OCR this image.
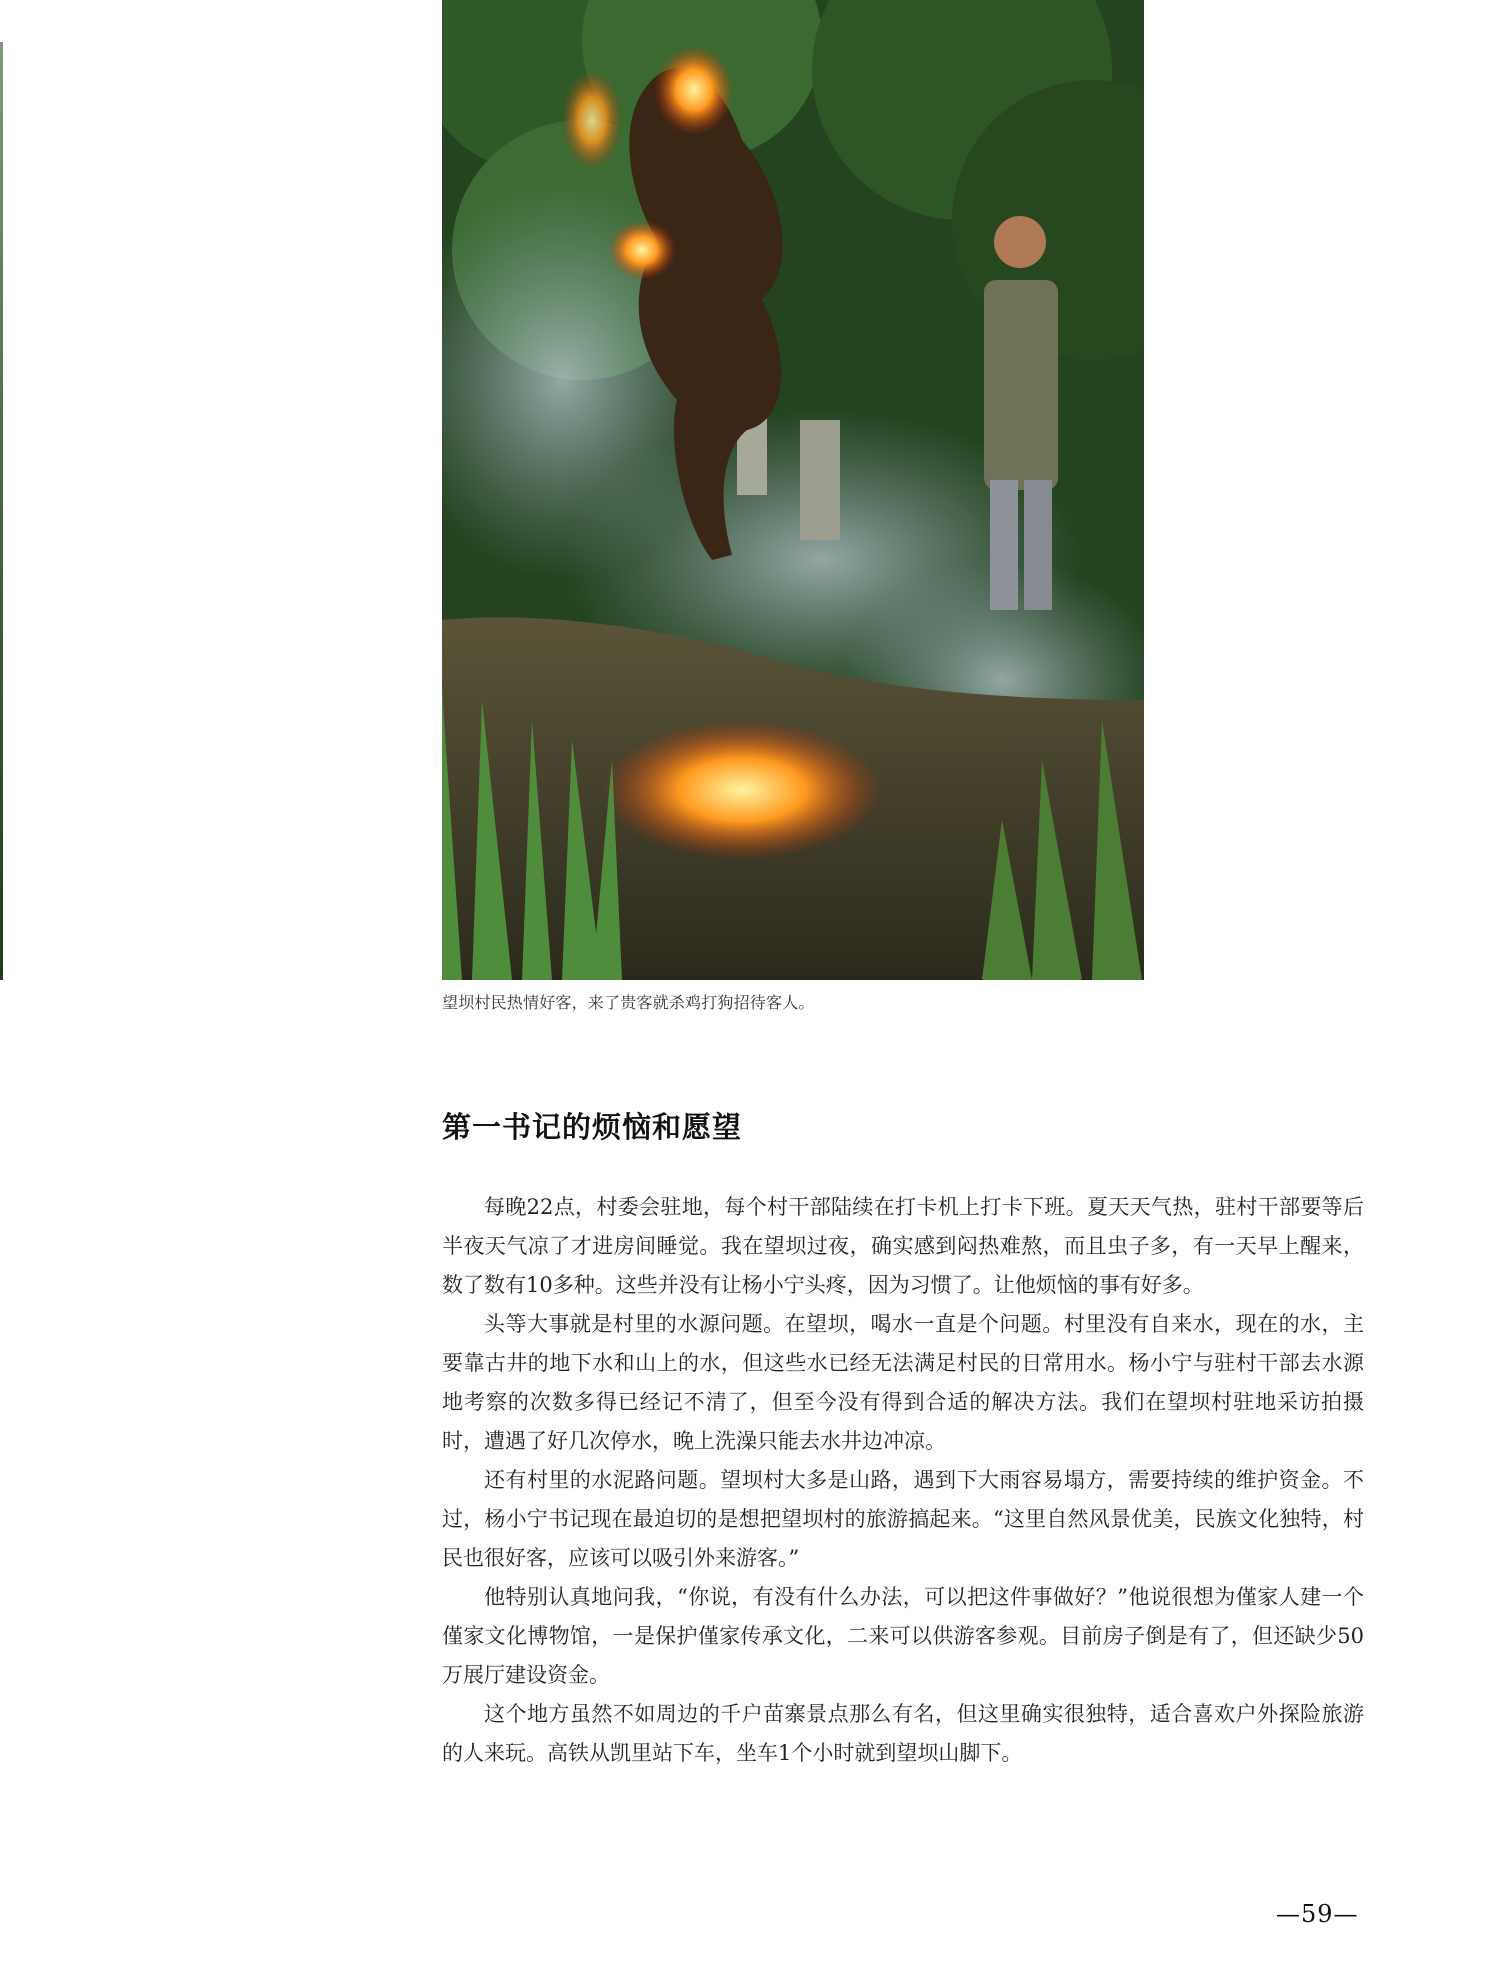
望坝村民热情好客，来了贵客就杀鸡打狗招待客人。
第一书记的烦恼和愿望

每晚22点，村委会驻地，每个村干部陆续在打卡机上打卡下班。夏天天气热，驻村干部要等后半夜天气凉了才进房间睡觉。我在望坝过夜，确实感到闷热难熬，而且虫子多，有一天早上醒来，数了数有10多种。这些并没有让杨小宁头疼，因为习惯了。让他烦恼的事有好多。

头等大事就是村里的水源问题。在望坝，喝水一直是个问题。村里没有自来水，现在的水，主要靠古井的地下水和山上的水，但这些水已经无法满足村民的日常用水。杨小宁与驻村干部去水源地考察的次数多得已经记不清了，但至今没有得到合适的解决方法。我们在望坝村驻地采访拍摄时，遭遇了好几次停水，晚上洗澡只能去水井边冲凉。

还有村里的水泥路问题。望坝村大多是山路，遇到下大雨容易塌方，需要持续的维护资金。不过，杨小宁书记现在最迫切的是想把望坝村的旅游搞起来。“这里自然风景优美，民族文化独特，村民也很好客，应该可以吸引外来游客。”

他特别认真地问我，“你说，有没有什么办法，可以把这件事做好？”他说很想为僅家人建一个僅家文化博物馆，一是保护僅家传承文化，二来可以供游客参观。目前房子倒是有了，但还缺少50万展厅建设资金。

这个地方虽然不如周边的千户苗寨景点那么有名，但这里确实很独特，适合喜欢户外探险旅游的人来玩。高铁从凯里站下车，坐车1个小时就到望坝山脚下。

—59—
